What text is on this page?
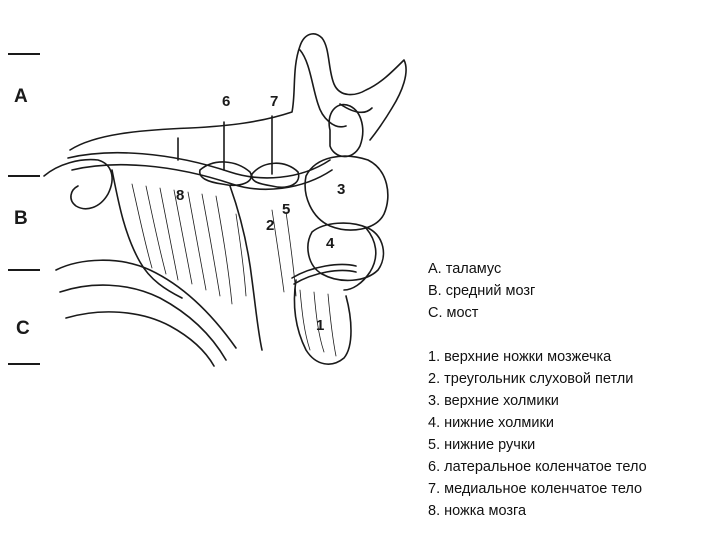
A
B
C	1
2
3
4
5
6	7
8
А. таламус
В. средний мозг
С. мост
1. верхние ножки мозжечка
2. треугольник слуховой петли
3. верхние холмики
4. нижние холмики
5. нижние ручки
6. латеральное коленчатое тело
7. медиальное коленчатое тело
8. ножка мозга
